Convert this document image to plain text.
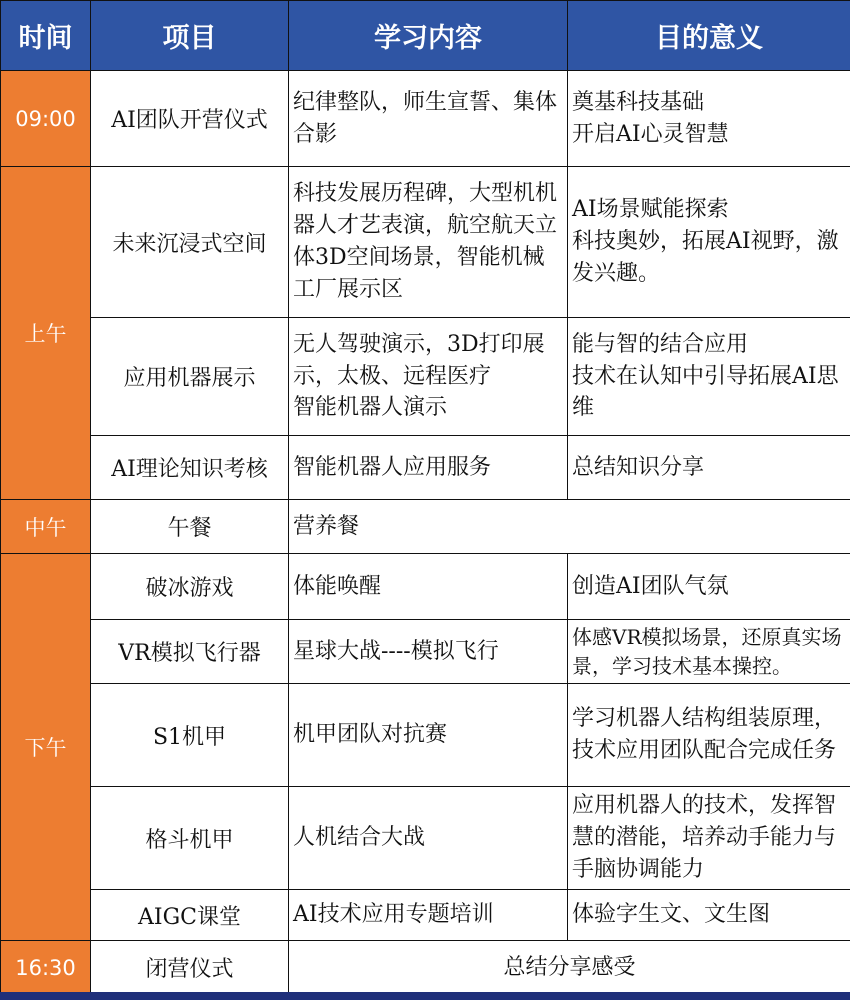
时间	项目	学习内容	目的意义
09:00	AI团队开营仪式	纪律整队，师生宣誓、集体合影	奠基科技基础
开启AI心灵智慧
上午	未来沉浸式空间	科技发展历程碑，大型机机器人才艺表演，航空航天立体3D空间场景，智能机械工厂展示区	AI场景赋能探索
科技奥妙，拓展AI视野，激发兴趣。
	应用机器展示	无人驾驶演示，3D打印展示，太极、远程医疗
智能机器人演示	能与智的结合应用
技术在认知中引导拓展AI思维
	AI理论知识考核	智能机器人应用服务	总结知识分享
中午	午餐	营养餐	
下午	破冰游戏	体能唤醒	创造AI团队气氛
	VR模拟飞行器	星球大战----模拟飞行	体感VR模拟场景，还原真实场景，学习技术基本操控。
	S1机甲	机甲团队对抗赛	学习机器人结构组装原理，技术应用团队配合完成任务
	格斗机甲	人机结合大战	应用机器人的技术，发挥智慧的潜能，培养动手能力与手脑协调能力
	AIGC课堂	AI技术应用专题培训	体验字生文、文生图
16:30	闭营仪式	总结分享感受	
